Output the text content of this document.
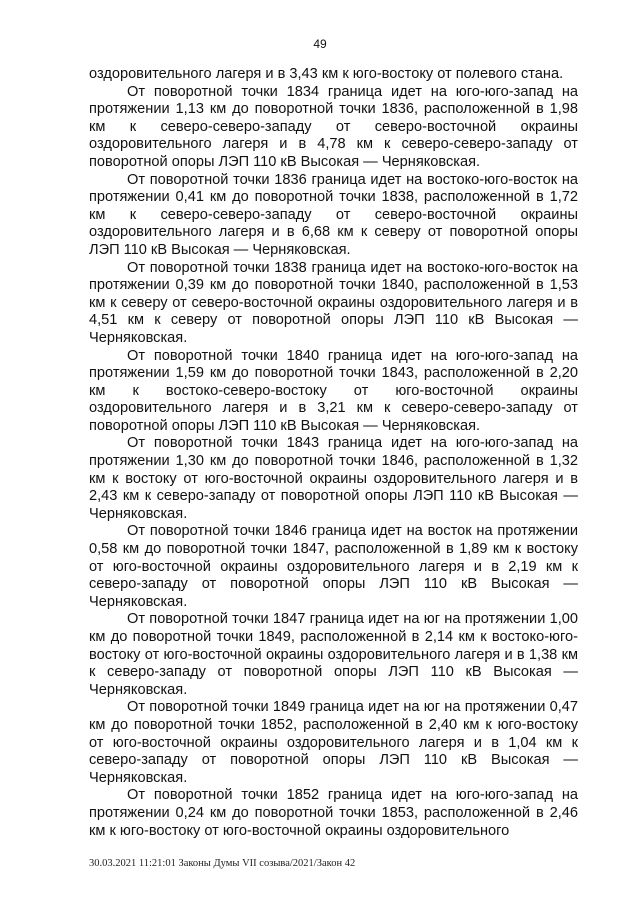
49

оздоровительного лагеря и в 3,43 км к юго-востоку от полевого стана.

От поворотной точки 1834 граница идет на юго-юго-запад на протяжении 1,13 км до поворотной точки 1836, расположенной в 1,98 км к северо-северо-западу от северо-восточной окраины оздоровительного лагеря и в 4,78 км к северо-северо-западу от поворотной опоры ЛЭП 110 кВ Высокая — Черняковская.

От поворотной точки 1836 граница идет на востоко-юго-восток на протяжении 0,41 км до поворотной точки 1838, расположенной в 1,72 км к северо-северо-западу от северо-восточной окраины оздоровительного лагеря и в 6,68 км к северу от поворотной опоры ЛЭП 110 кВ Высокая — Черняковская.

От поворотной точки 1838 граница идет на востоко-юго-восток на протяжении 0,39 км до поворотной точки 1840, расположенной в 1,53 км к северу от северо-восточной окраины оздоровительного лагеря и в 4,51 км к северу от поворотной опоры ЛЭП 110 кВ Высокая — Черняковская.

От поворотной точки 1840 граница идет на юго-юго-запад на протяжении 1,59 км до поворотной точки 1843, расположенной в 2,20 км к востоко-северо-востоку от юго-восточной окраины оздоровительного лагеря и в 3,21 км к северо-северо-западу от поворотной опоры ЛЭП 110 кВ Высокая — Черняковская.

От поворотной точки 1843 граница идет на юго-юго-запад на протяжении 1,30 км до поворотной точки 1846, расположенной в 1,32 км к востоку от юго-восточной окраины оздоровительного лагеря и в 2,43 км к северо-западу от поворотной опоры ЛЭП 110 кВ Высокая — Черняковская.

От поворотной точки 1846 граница идет на восток на протяжении 0,58 км до поворотной точки 1847, расположенной в 1,89 км к востоку от юго-восточной окраины оздоровительного лагеря и в 2,19 км к северо-западу от поворотной опоры ЛЭП 110 кВ Высокая — Черняковская.

От поворотной точки 1847 граница идет на юг на протяжении 1,00 км до поворотной точки 1849, расположенной в 2,14 км к востоко-юго-востоку от юго-восточной окраины оздоровительного лагеря и в 1,38 км к северо-западу от поворотной опоры ЛЭП 110 кВ Высокая — Черняковская.

От поворотной точки 1849 граница идет на юг на протяжении 0,47 км до поворотной точки 1852, расположенной в 2,40 км к юго-востоку от юго-восточной окраины оздоровительного лагеря и в 1,04 км к северо-западу от поворотной опоры ЛЭП 110 кВ Высокая — Черняковская.

От поворотной точки 1852 граница идет на юго-юго-запад на протяжении 0,24 км до поворотной точки 1853, расположенной в 2,46 км к юго-востоку от юго-восточной окраины оздоровительного

30.03.2021 11:21:01 Законы Думы VII созыва/2021/Закон 42
